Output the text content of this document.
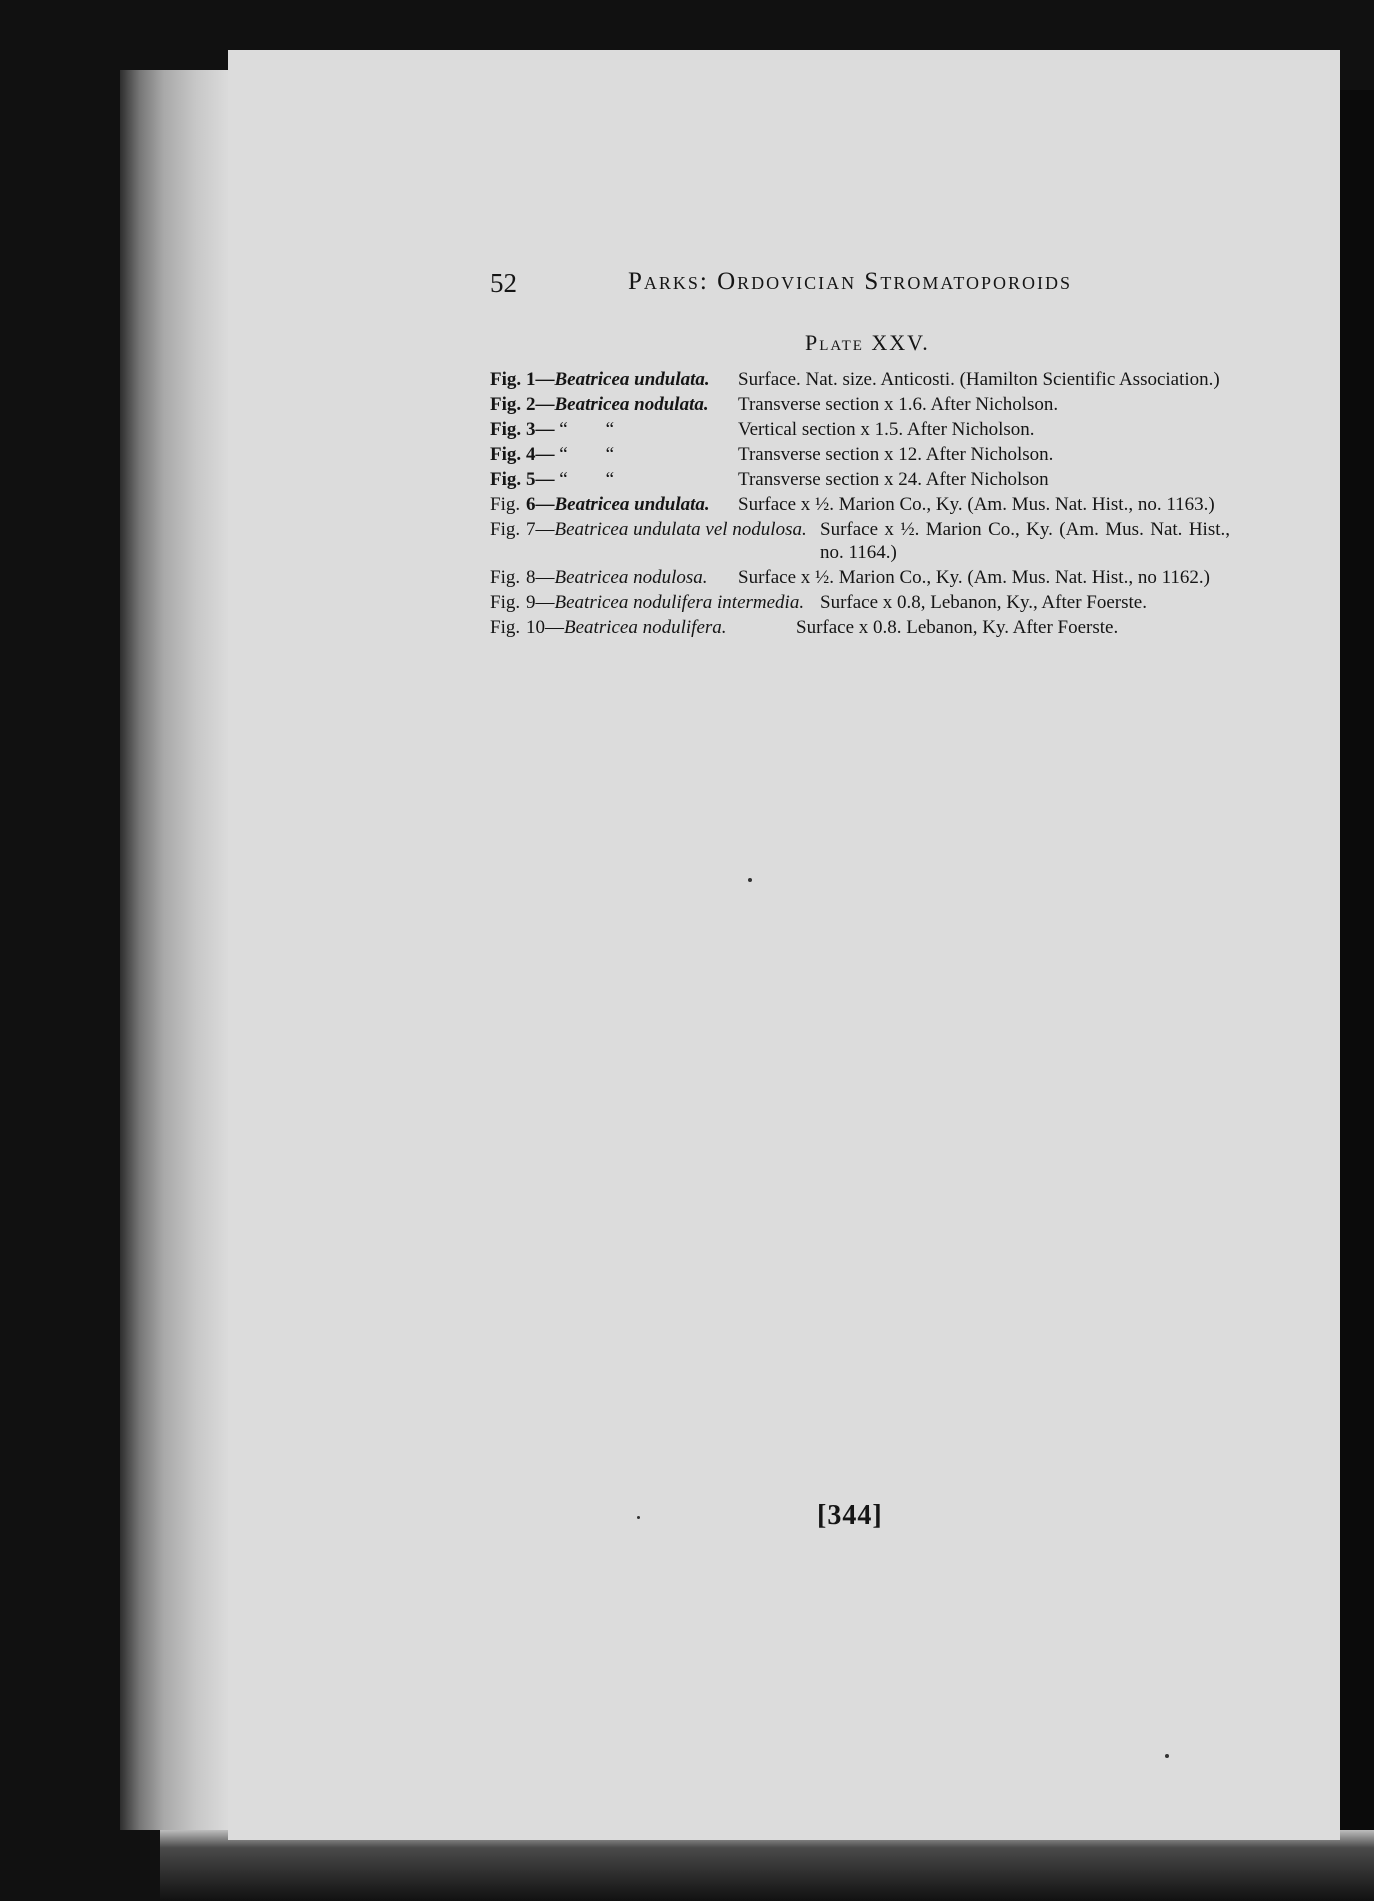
52	Parks: Ordovician Stromatoporoids
Plate XXV.
Fig. 1—Beatricea undulata.	Surface. Nat. size. Anticosti. (Hamilton Scientific Association.)
Fig. 2—Beatricea nodulata.	Transverse section x 1.6. After Nicholson.
Fig. 3— “        “	Vertical section x 1.5. After Nicholson.
Fig. 4— “        “	Transverse section x 12. After Nicholson.
Fig. 5— “        “	Transverse section x 24. After Nicholson
Fig. 6—Beatricea undulata.	Surface x ½. Marion Co., Ky. (Am. Mus. Nat. Hist., no. 1163.)
Fig. 7—Beatricea undulata vel nodulosa. Surface x ½. Marion Co., Ky. (Am. Mus. Nat. Hist., no. 1164.)
Fig. 8—Beatricea nodulosa.	Surface x ½. Marion Co., Ky. (Am. Mus. Nat. Hist., no 1162.)
Fig. 9—Beatricea nodulifera intermedia. Surface x 0.8, Lebanon, Ky., After Foerste.
Fig. 10—Beatricea nodulifera.	Surface x 0.8. Lebanon, Ky. After Foerste.
[344]
